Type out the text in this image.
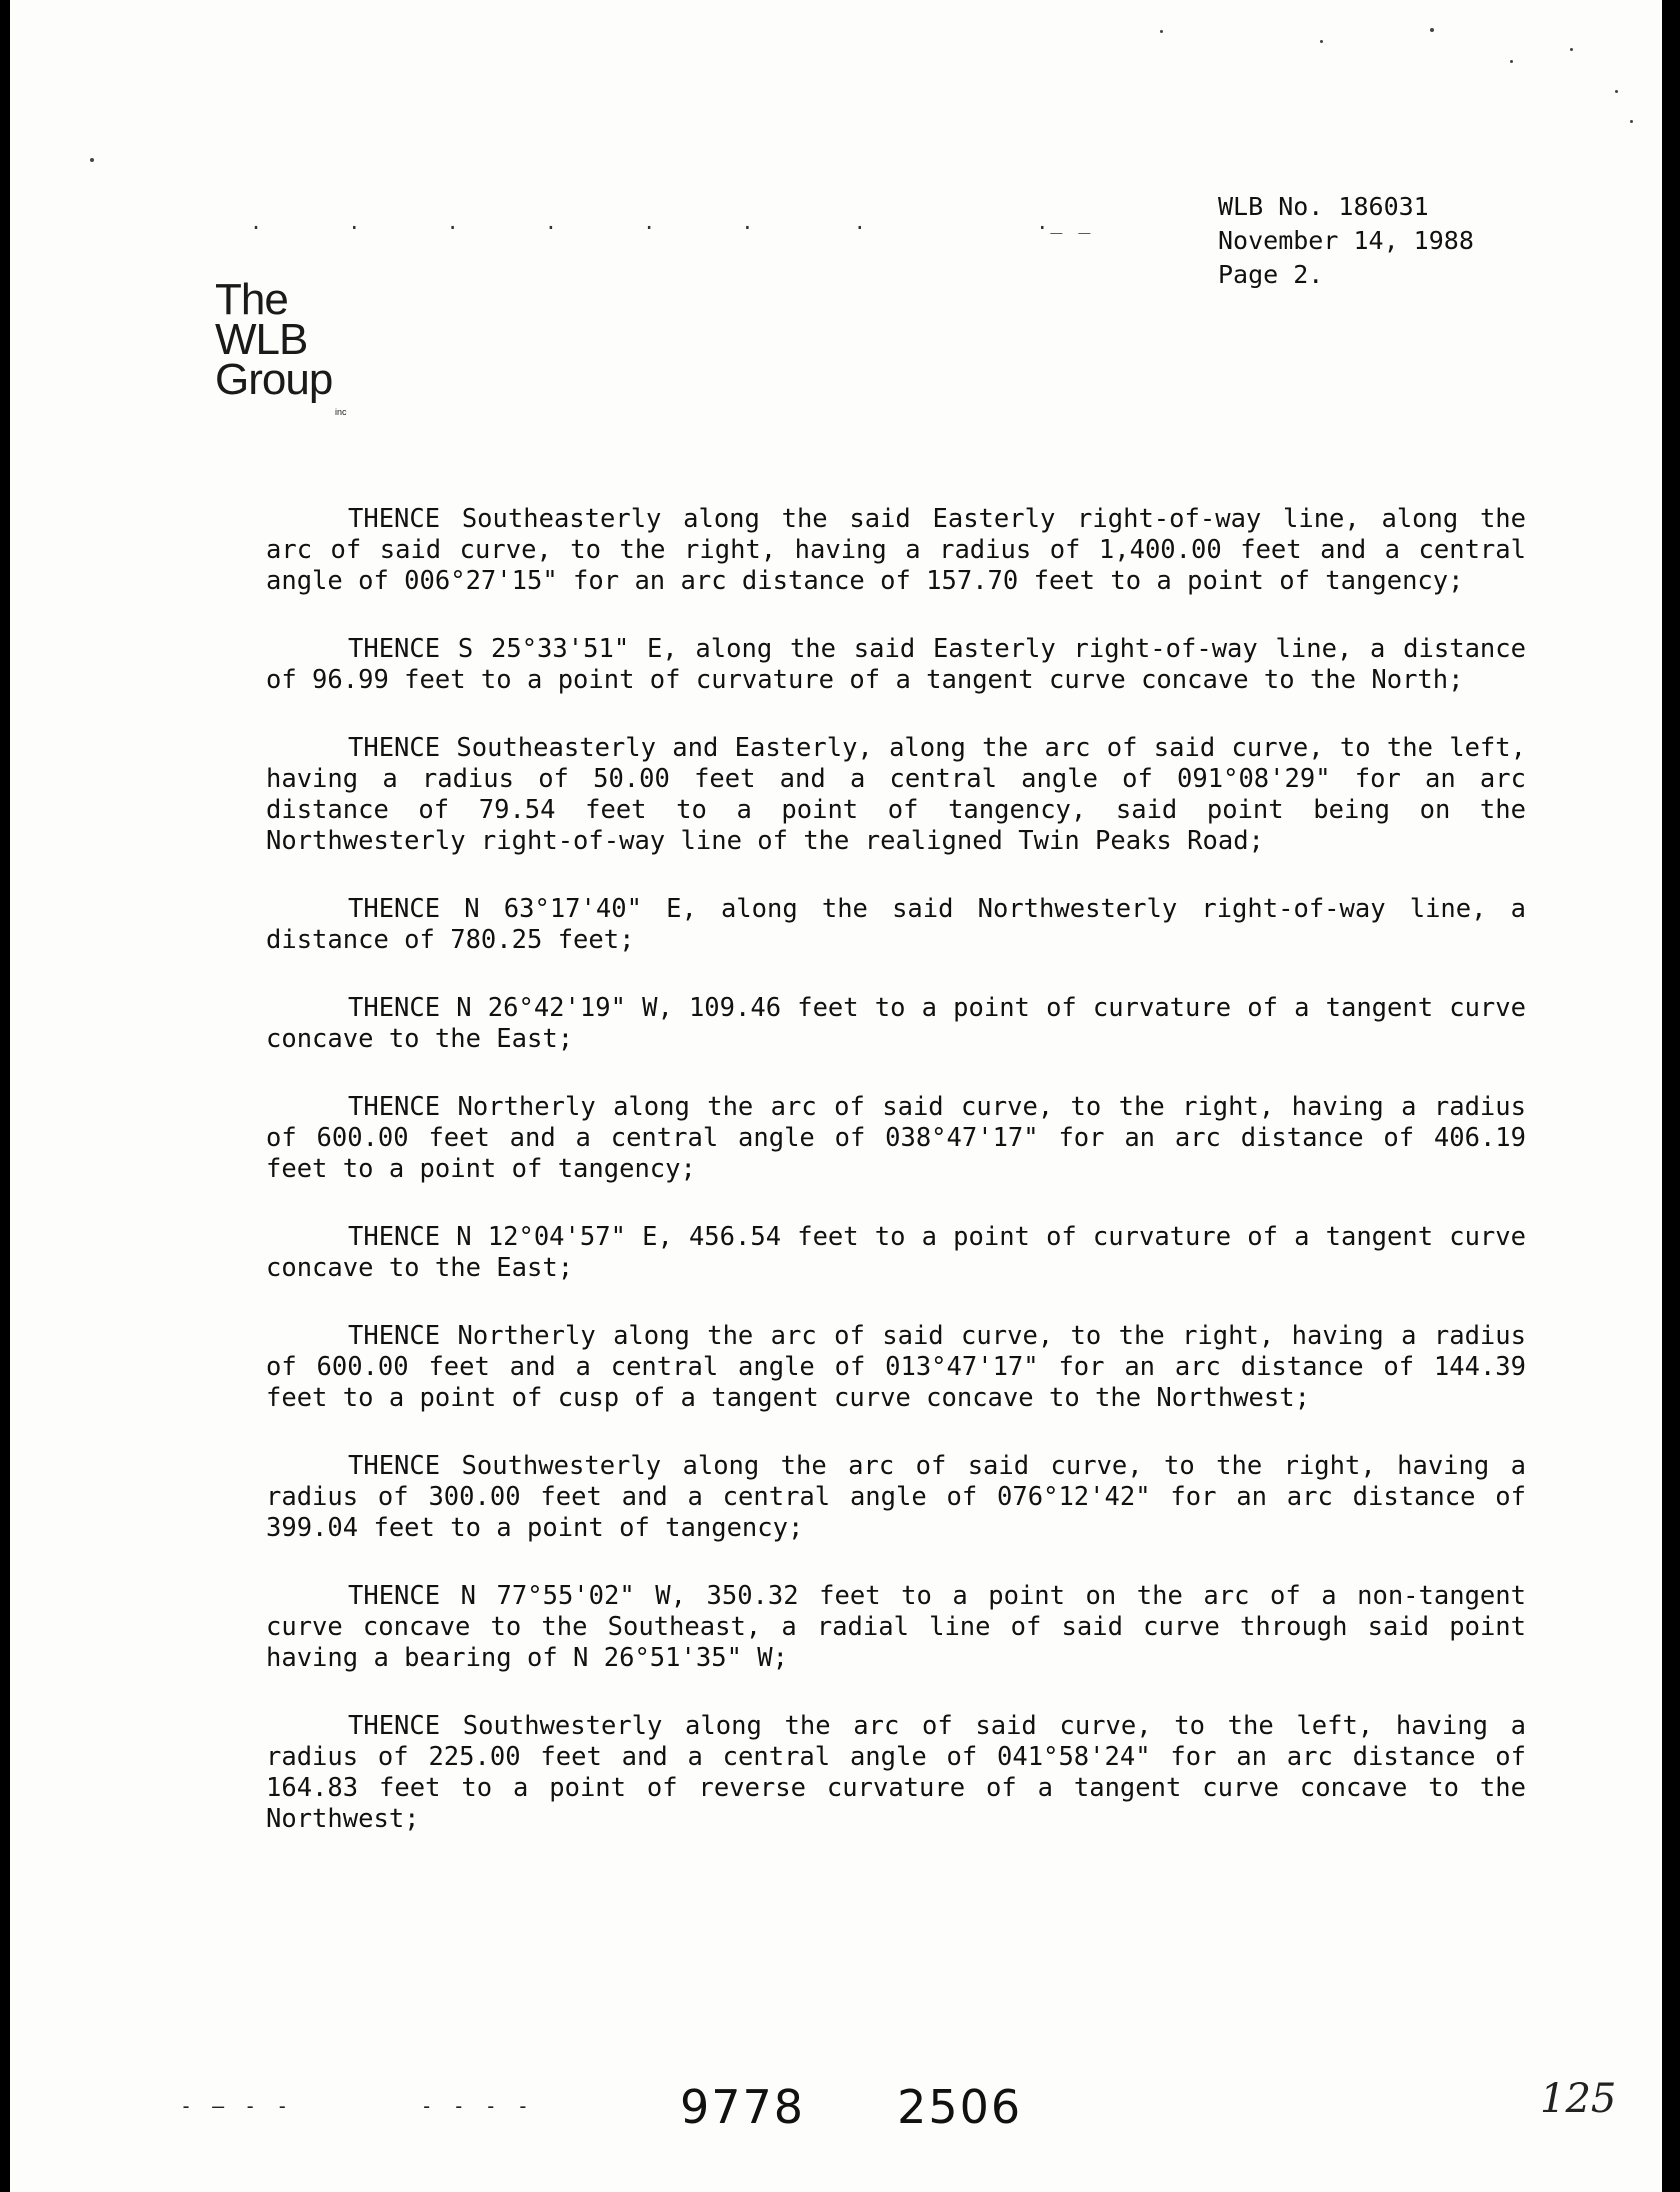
.      .      .      .      .      .       .            ._ _
The
WLB
Group
inc
WLB No. 186031
November 14, 1988
Page 2.

THENCE Southeasterly along the said Easterly right-of-way line, along the arc of said curve, to the right, having a radius of 1,400.00 feet and a central angle of 006°27'15" for an arc distance of 157.70 feet to a point of tangency;

THENCE S 25°33'51" E, along the said Easterly right-of-way line, a distance of 96.99 feet to a point of curvature of a tangent curve concave to the North;

THENCE Southeasterly and Easterly, along the arc of said curve, to the left, having a radius of 50.00 feet and a central angle of 091°08'29" for an arc distance of 79.54 feet to a point of tangency, said point being on the Northwesterly right-of-way line of the realigned Twin Peaks Road;

THENCE N 63°17'40" E, along the said Northwesterly right-of-way line, a distance of 780.25 feet;

THENCE N 26°42'19" W, 109.46 feet to a point of curvature of a tangent curve concave to the East;

THENCE Northerly along the arc of said curve, to the right, having a radius of 600.00 feet and a central angle of 038°47'17" for an arc distance of 406.19 feet to a point of tangency;

THENCE N 12°04'57" E, 456.54 feet to a point of curvature of a tangent curve concave to the East;

THENCE Northerly along the arc of said curve, to the right, having a radius of 600.00 feet and a central angle of 013°47'17" for an arc distance of 144.39 feet to a point of cusp of a tangent curve concave to the Northwest;

THENCE Southwesterly along the arc of said curve, to the right, having a radius of 300.00 feet and a central angle of 076°12'42" for an arc distance of 399.04 feet to a point of tangency;

THENCE N 77°55'02" W, 350.32 feet to a point on the arc of a non-tangent curve concave to the Southeast, a radial line of said curve through said point having a bearing of N 26°51'35" W;

THENCE Southwesterly along the arc of said curve, to the left, having a radius of 225.00 feet and a central angle of 041°58'24" for an arc distance of 164.83 feet to a point of reverse curvature of a tangent curve concave to the Northwest;

- — - -        - - - -	9778 2506	125
